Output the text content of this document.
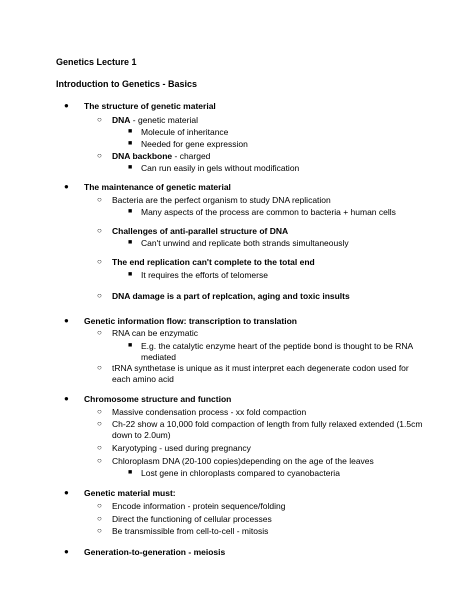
Genetics Lecture 1
Introduction to Genetics - Basics
● The structure of genetic material
○ DNA - genetic material
■ Molecule of inheritance
■ Needed for gene expression
○ DNA backbone - charged
■ Can run easily in gels without modification
● The maintenance of genetic material
○ Bacteria are the perfect organism to study DNA replication
■ Many aspects of the process are common to bacteria + human cells
○ Challenges of anti-parallel structure of DNA
■ Can't unwind and replicate both strands simultaneously
○ The end replication can't complete to the total end
■ It requires the efforts of telomerse
○ DNA damage is a part of replcation, aging and toxic insults
● Genetic information flow: transcription to translation
○ RNA can be enzymatic
■ E.g. the catalytic enzyme heart of the peptide bond is thought to be RNA mediated
○ tRNA synthetase is unique as it must interpret each degenerate codon used for each amino acid
● Chromosome structure and function
○ Massive condensation process - xx fold compaction
○ Ch-22 show a 10,000 fold compaction of length from fully relaxed extended (1.5cm down to 2.0um)
○ Karyotyping - used during pregnancy
○ Chloroplasm DNA (20-100 copies)depending on the age of the leaves
■ Lost gene in chloroplasts compared to cyanobacteria
● Genetic material must:
○ Encode information - protein sequence/folding
○ Direct the functioning of cellular processes
○ Be transmissible from cell-to-cell - mitosis
● Generation-to-generation - meiosis
